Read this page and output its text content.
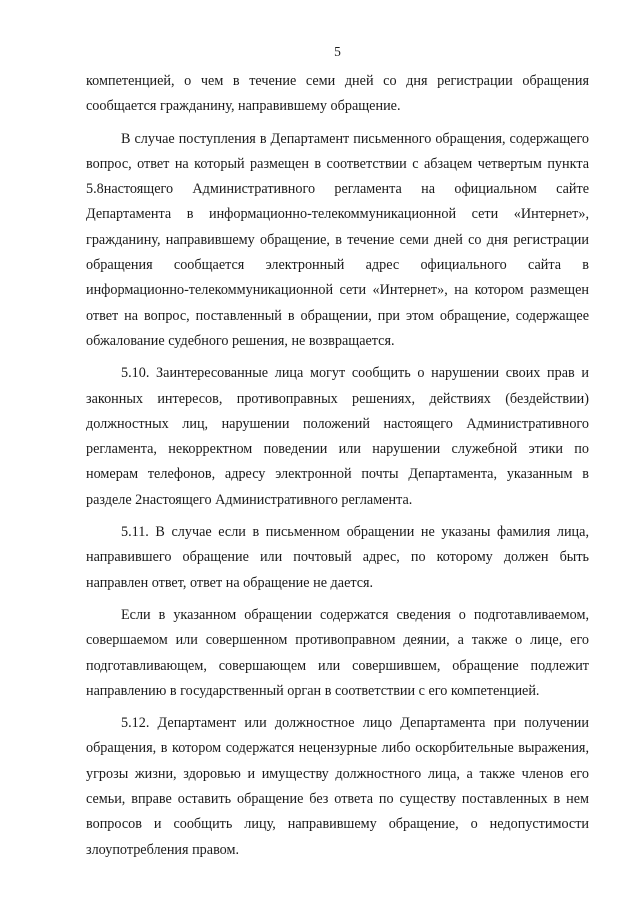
5

компетенцией, о чем в течение семи дней со дня регистрации обращения сообщается гражданину, направившему обращение.

В случае поступления в Департамент письменного обращения, содержащего вопрос, ответ на который размещен в соответствии с абзацем четвертым пункта 5.8настоящего Административного регламента на официальном сайте Департамента в информационно-телекоммуникационной сети «Интернет», гражданину, направившему обращение, в течение семи дней со дня регистрации обращения сообщается электронный адрес официального сайта в информационно-телекоммуникационной сети «Интернет», на котором размещен ответ на вопрос, поставленный в обращении, при этом обращение, содержащее обжалование судебного решения, не возвращается.

5.10. Заинтересованные лица могут сообщить о нарушении своих прав и законных интересов, противоправных решениях, действиях (бездействии) должностных лиц, нарушении положений настоящего Административного регламента, некорректном поведении или нарушении служебной этики по номерам телефонов, адресу электронной почты Департамента, указанным в разделе 2настоящего Административного регламента.

5.11. В случае если в письменном обращении не указаны фамилия лица, направившего обращение или почтовый адрес, по которому должен быть направлен ответ, ответ на обращение не дается.

Если в указанном обращении содержатся сведения о подготавливаемом, совершаемом или совершенном противоправном деянии, а также о лице, его подготавливающем, совершающем или совершившем, обращение подлежит направлению в государственный орган в соответствии с его компетенцией.

5.12. Департамент или должностное лицо Департамента при получении обращения, в котором содержатся нецензурные либо оскорбительные выражения, угрозы жизни, здоровью и имуществу должностного лица, а также членов его семьи, вправе оставить обращение без ответа по существу поставленных в нем вопросов и сообщить лицу, направившему обращение, о недопустимости злоупотребления правом.
